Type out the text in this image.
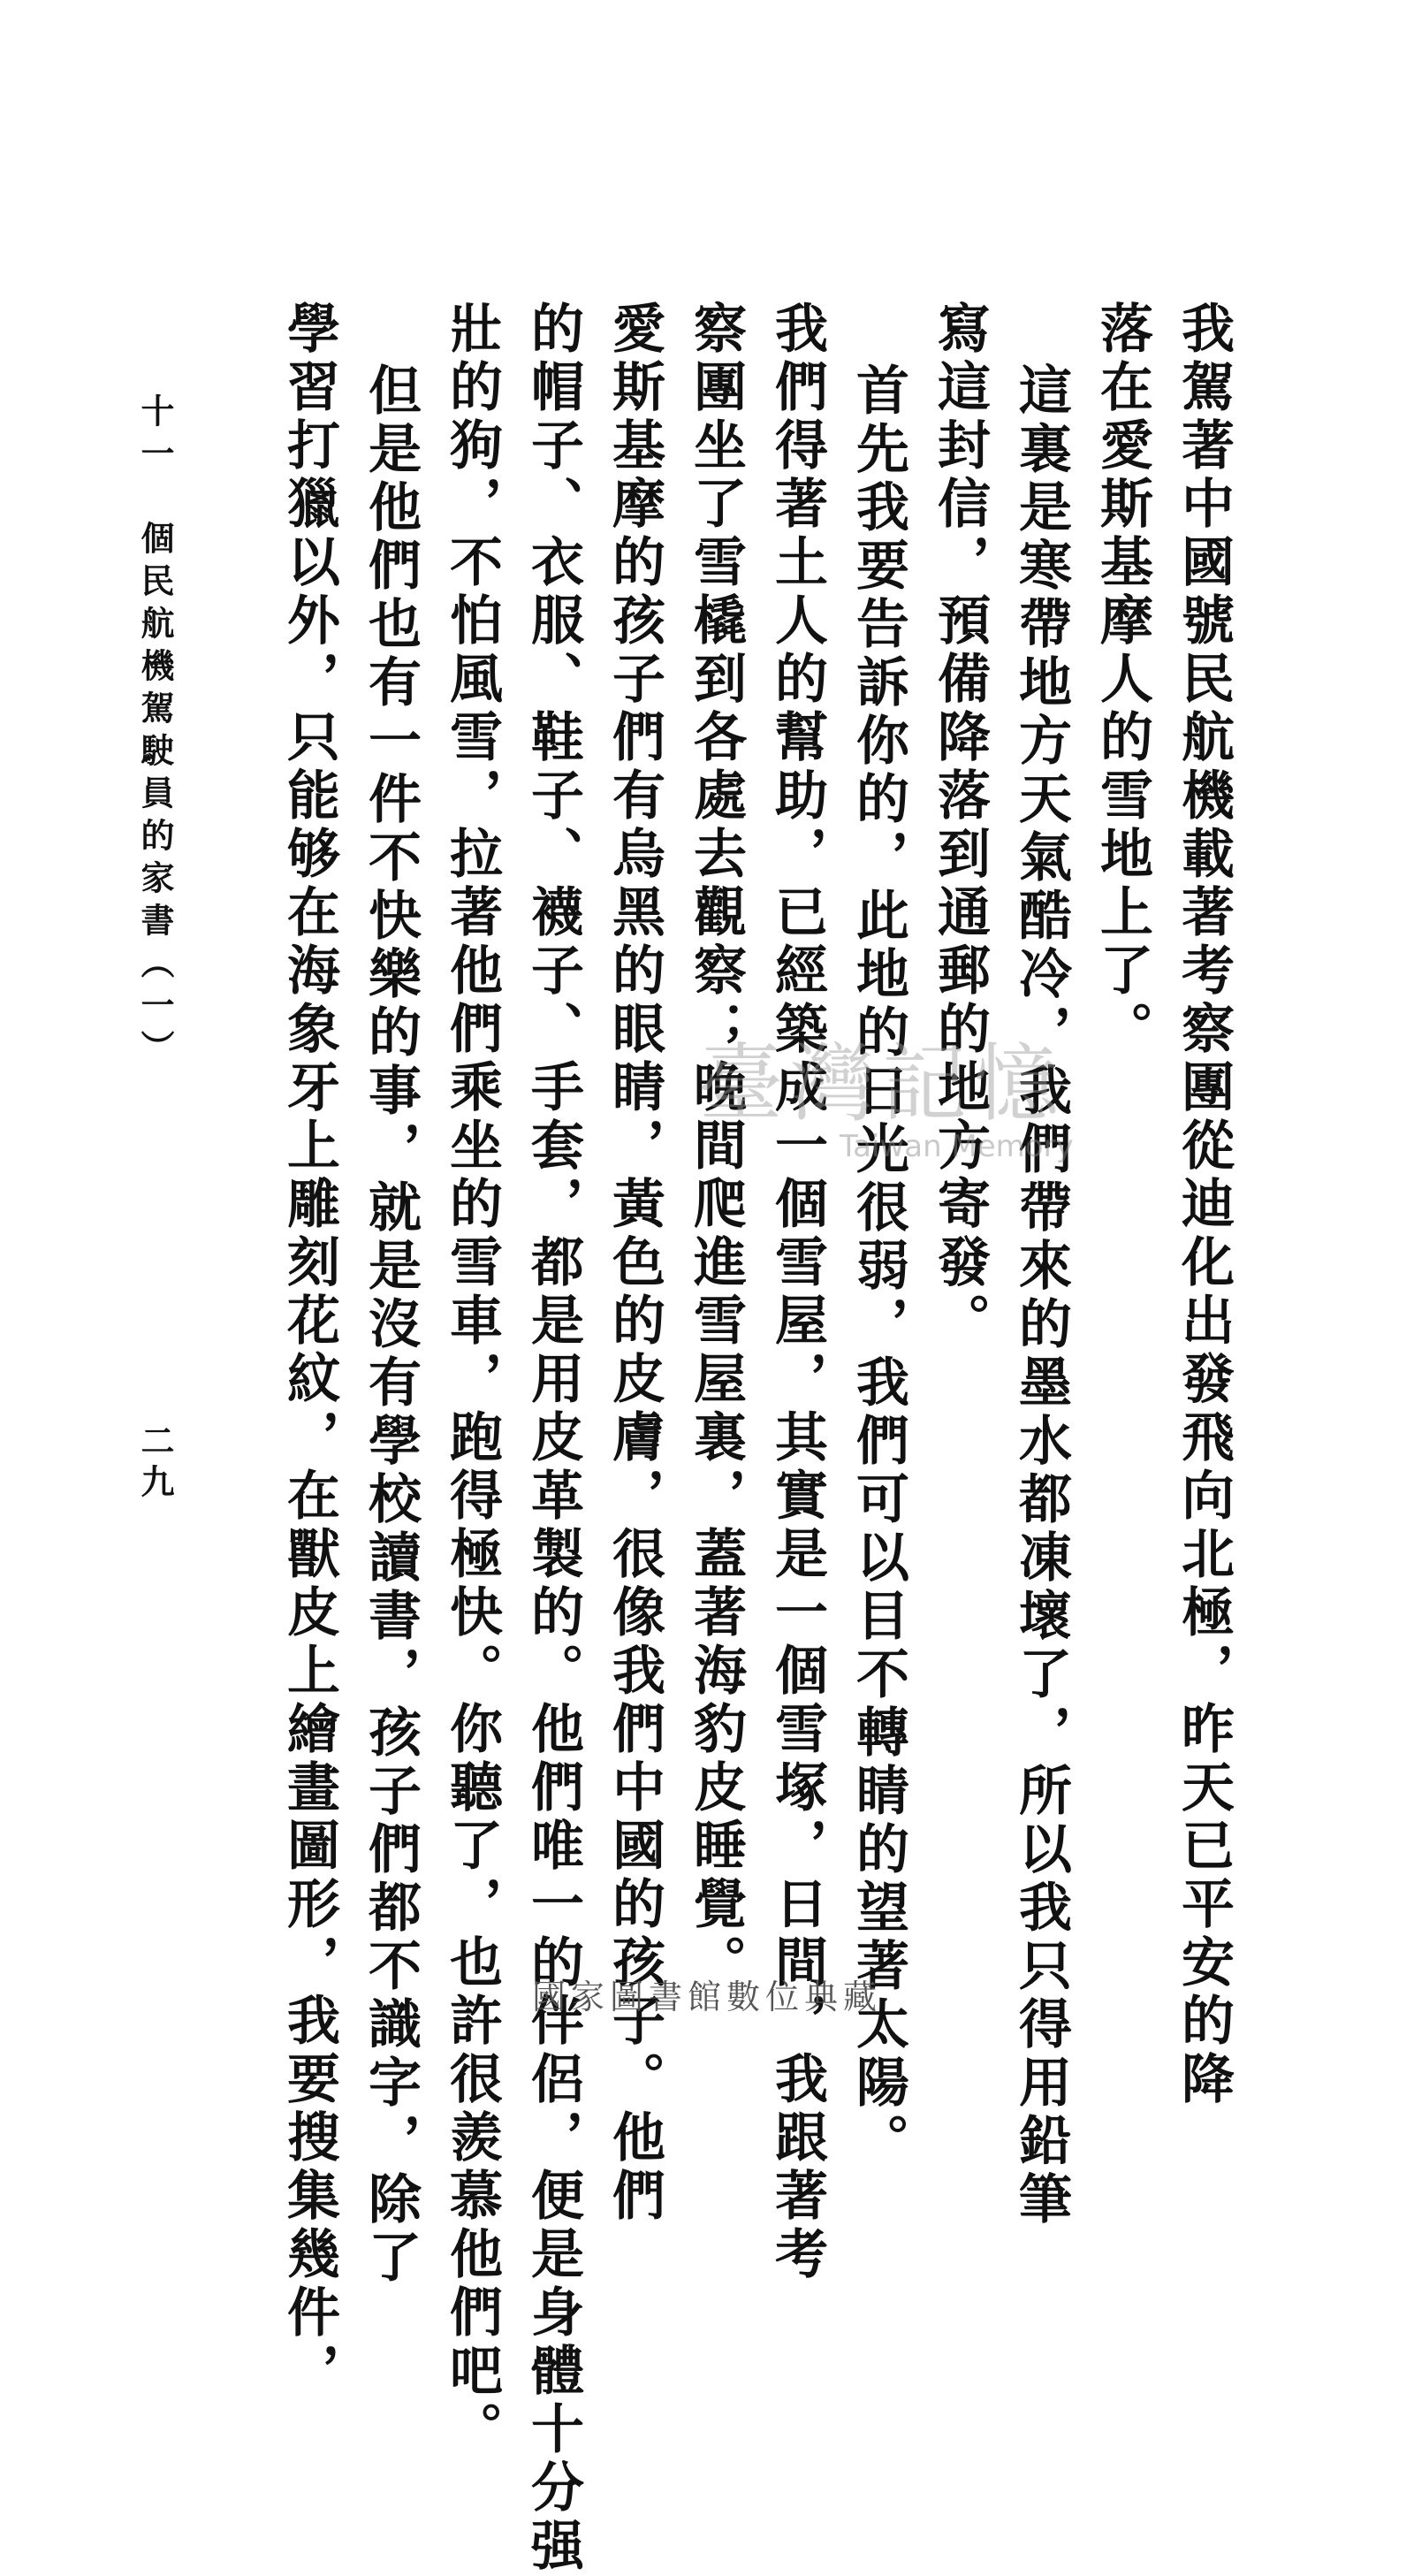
我駕著中國號民航機載著考察團從迪化出發飛向北極，昨天已平安的降
落在愛斯基摩人的雪地上了。
這裏是寒帶地方天氣酷冷，我們帶來的墨水都凍壞了，所以我只得用鉛筆
寫這封信，預備降落到通郵的地方寄發。
首先我要告訴你的，此地的日光很弱，我們可以目不轉睛的望著太陽。
我們得著土人的幫助，已經築成一個雪屋，其實是一個雪塚，日間，我跟著考
察團坐了雪橇到各處去觀察；晚間爬進雪屋裏，蓋著海豹皮睡覺。
愛斯基摩的孩子們有烏黑的眼睛，黃色的皮膚，很像我們中國的孩子。他們
的帽子、衣服、鞋子、襪子、手套，都是用皮革製的。他們唯一的伴侶，便是身體十分强
壯的狗，不怕風雪，拉著他們乘坐的雪車，跑得極快。你聽了，也許很羨慕他們吧。
但是他們也有一件不快樂的事，就是沒有學校讀書，孩子們都不識字，除了
學習打獵以外，只能够在海象牙上雕刻花紋，在獸皮上繪畫圖形，我要搜集幾件，
十一　個民航機駕駛員的家書（一）
二九
臺灣記憶
Taiwan Memory
國家圖書館數位典藏
